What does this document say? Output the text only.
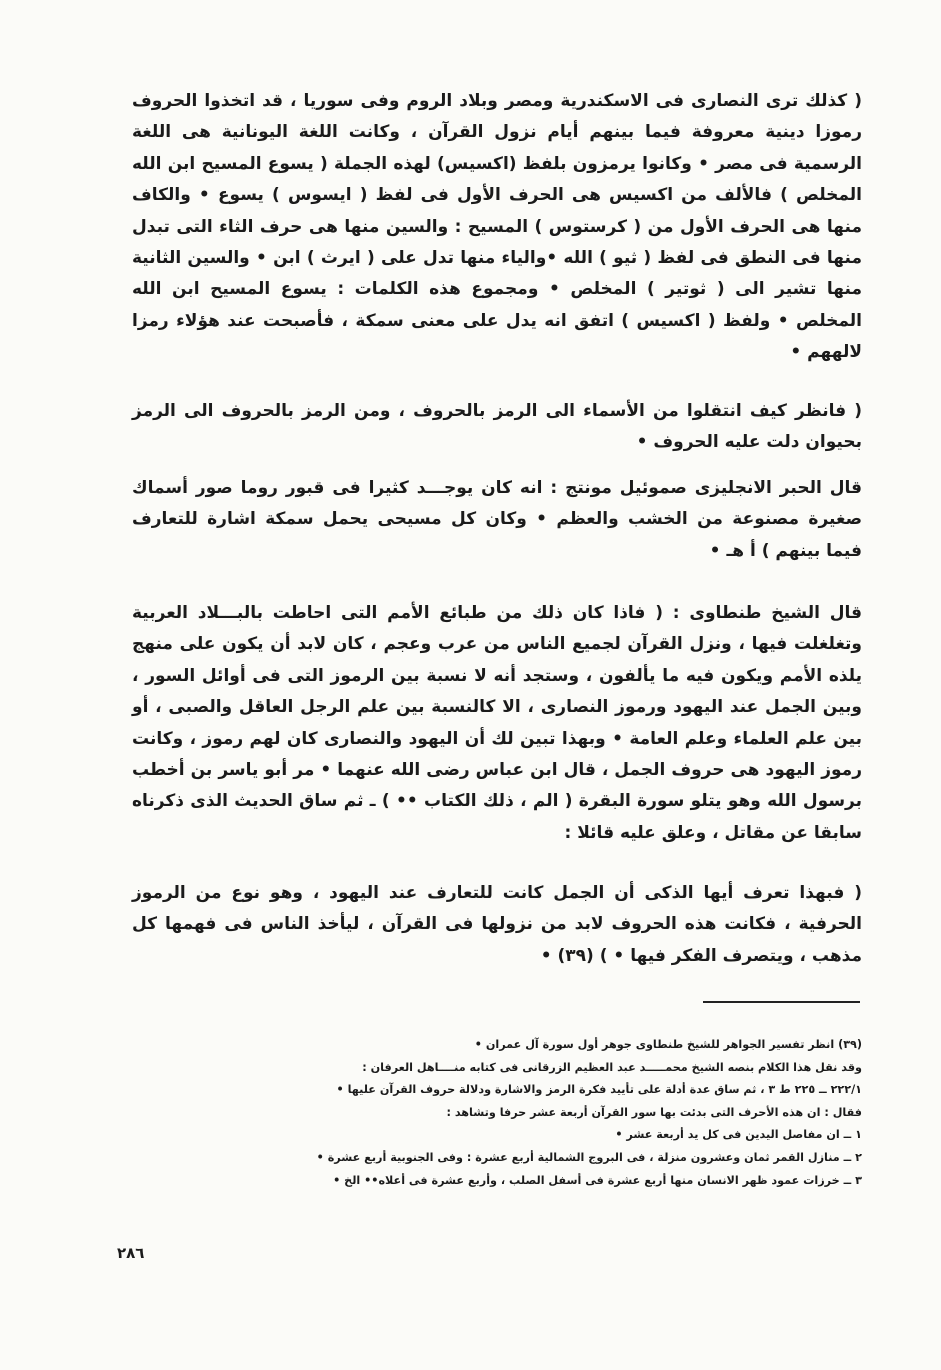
( كذلك ترى النصارى فى الاسكندرية ومصر وبلاد الروم وفى سوريا ، قد اتخذوا الحروف رموزا دينية معروفة فيما بينهم أيام نزول القرآن ، وكانت اللغة اليونانية هى اللغة الرسمية فى مصر • وكانوا يرمزون بلفظ (اكسيس) لهذه الجملة ( يسوع المسيح ابن الله المخلص ) فالألف من اكسيس هى الحرف الأول فى لفظ ( ايسوس ) يسوع • والكاف منها هى الحرف الأول من ( كرستوس ) المسيح : والسين منها هى حرف الثاء التى تبدل منها فى النطق فى لفظ ( ثيو ) الله •والياء منها تدل على ( ايرث ) ابن • والسين الثانية منها تشير الى ( ثوتير ) المخلص • ومجموع هذه الكلمات : يسوع المسيح ابن الله المخلص • ولفظ ( اكسيس ) اتفق انه يدل على معنى سمكة ، فأصبحت عند هؤلاء رمزا لالههم •

( فانظر كيف انتقلوا من الأسماء الى الرمز بالحروف ، ومن الرمز بالحروف الى الرمز بحيوان دلت عليه الحروف •

قال الحبر الانجليزى صموئيل مونتج : انه كان يوجـــد كثيرا فى قبور روما صور أسماك صغيرة مصنوعة من الخشب والعظم • وكان كل مسيحى يحمل سمكة اشارة للتعارف فيما بينهم ) أ هـ •

قال الشيخ طنطاوى : ( فاذا كان ذلك من طبائع الأمم التى احاطت بالبـــلاد العربية وتغلغلت فيها ، ونزل القرآن لجميع الناس من عرب وعجم ، كان لابد أن يكون على منهج يلذه الأمم ويكون فيه ما يألفون ، وستجد أنه لا نسبة بين الرموز التى فى أوائل السور ، وبين الجمل عند اليهود ورموز النصارى ، الا كالنسبة بين علم الرجل العاقل والصبى ، أو بين علم العلماء وعلم العامة • وبهذا تبين لك أن اليهود والنصارى كان لهم رموز ، وكانت رموز اليهود هى حروف الجمل ، قال ابن عباس رضى الله عنهما • مر أبو ياسر بن أخطب برسول الله وهو يتلو سورة البقرة ( الم ، ذلك الكتاب •• ) ـ ثم ساق الحديث الذى ذكرناه سابقا عن مقاتل ، وعلق عليه قائلا :

( فبهذا تعرف أيها الذكى أن الجمل كانت للتعارف عند اليهود ، وهو نوع من الرموز الحرفية ، فكانت هذه الحروف لابد من نزولها فى القرآن ، ليأخذ الناس فى فهمها كل مذهب ، ويتصرف الفكر فيها • ) (٣٩) •

(٣٩) انظر تفسير الجواهر للشيخ طنطاوى جوهر أول سورة آل عمران •

وقد نقل هذا الكلام بنصه الشيخ محمـــــد عبد العظيم الزرقانى فى كتابه منــــاهل العرفان :

٢٢٢/١ ــ ٢٢٥ ط ٣ ، ثم ساق عدة أدلة على تأييد فكرة الرمز والاشارة ودلالة حروف القرآن عليها •

فقال : ان هذه الأحرف التى بدئت بها سور القرآن أربعة عشر حرفا وتشاهد :

١ ــ ان مفاصل اليدين فى كل يد أربعة عشر •

٢ ــ منازل القمر ثمان وعشرون منزلة ، فى البروج الشمالية أربع عشرة : وفى الجنوبية أربع عشرة •

٣ ــ خرزات عمود ظهر الانسان منها أربع عشرة فى أسفل الصلب ، وأربع عشرة فى أعلاه•• الخ •

٢٨٦
